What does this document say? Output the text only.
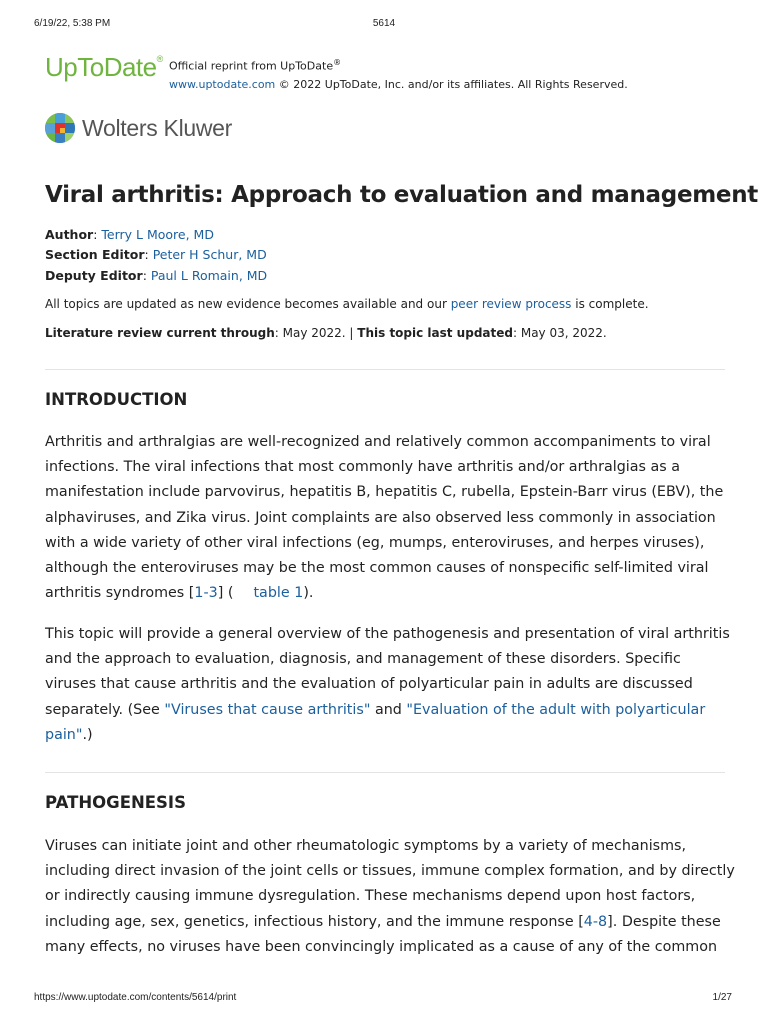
6/19/22, 5:38 PM	5614
UpToDate®
Official reprint from UpToDate®
www.uptodate.com © 2022 UpToDate, Inc. and/or its affiliates. All Rights Reserved.
Wolters Kluwer
Viral arthritis: Approach to evaluation and management
Author: Terry L Moore, MD
Section Editor: Peter H Schur, MD
Deputy Editor: Paul L Romain, MD
All topics are updated as new evidence becomes available and our peer review process is complete.
Literature review current through: May 2022. | This topic last updated: May 03, 2022.
INTRODUCTION

Arthritis and arthralgias are well-recognized and relatively common accompaniments to viral infections. The viral infections that most commonly have arthritis and/or arthralgias as a manifestation include parvovirus, hepatitis B, hepatitis C, rubella, Epstein-Barr virus (EBV), the alphaviruses, and Zika virus. Joint complaints are also observed less commonly in association with a wide variety of other viral infections (eg, mumps, enteroviruses, and herpes viruses), although the enteroviruses may be the most common causes of nonspecific self-limited viral arthritis syndromes [1-3] ( table 1).

This topic will provide a general overview of the pathogenesis and presentation of viral arthritis and the approach to evaluation, diagnosis, and management of these disorders. Specific viruses that cause arthritis and the evaluation of polyarticular pain in adults are discussed separately. (See "Viruses that cause arthritis" and "Evaluation of the adult with polyarticular pain".)

PATHOGENESIS

Viruses can initiate joint and other rheumatologic symptoms by a variety of mechanisms, including direct invasion of the joint cells or tissues, immune complex formation, and by directly or indirectly causing immune dysregulation. These mechanisms depend upon host factors, including age, sex, genetics, infectious history, and the immune response [4-8]. Despite these many effects, no viruses have been convincingly implicated as a cause of any of the common

https://www.uptodate.com/contents/5614/print	1/27
